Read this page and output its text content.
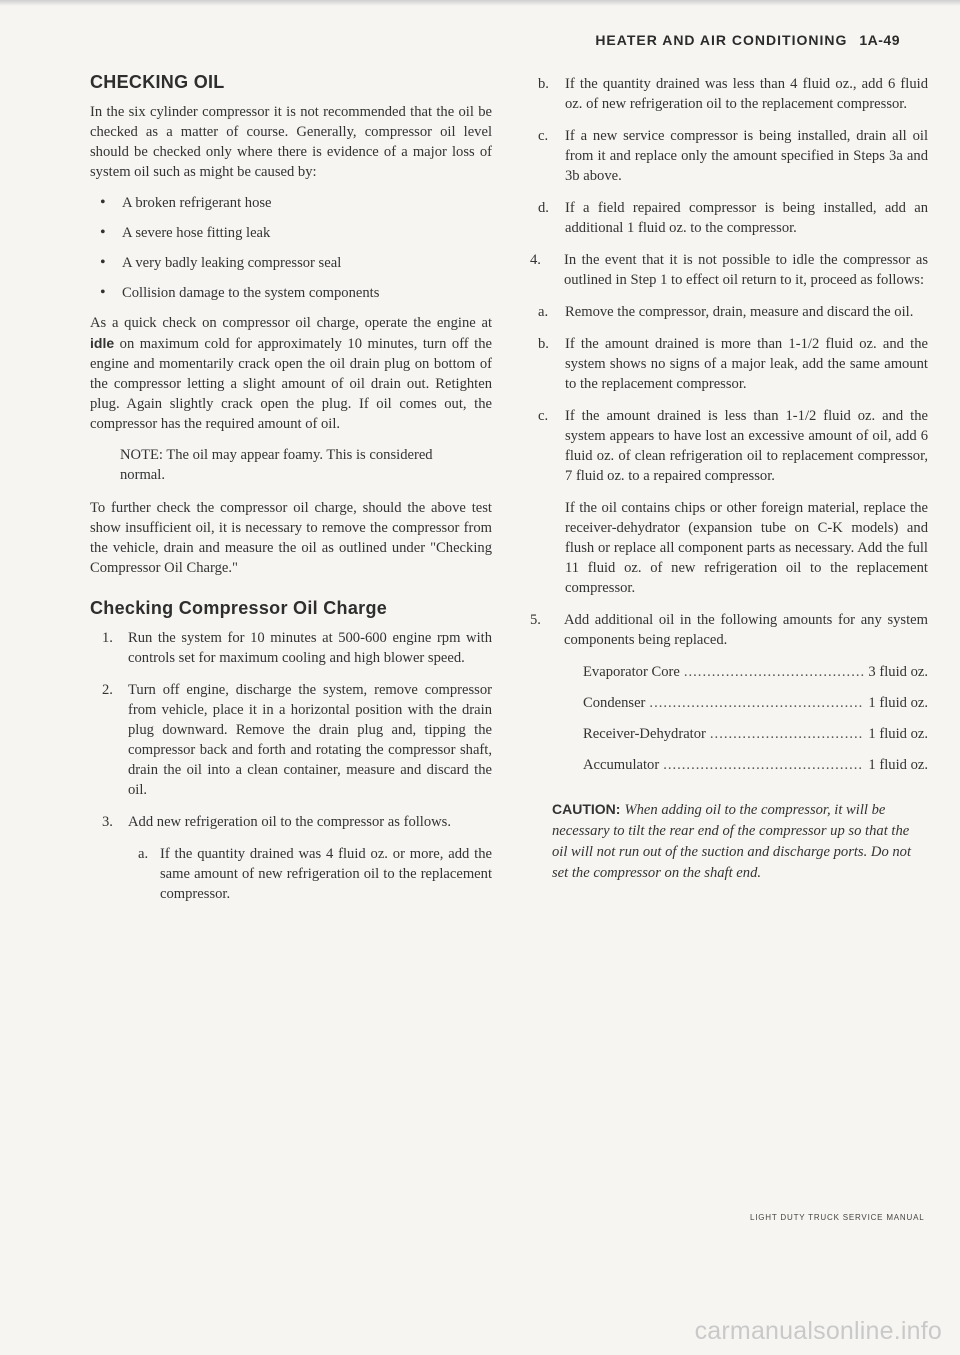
HEATER AND AIR CONDITIONING 1A-49
CHECKING OIL

In the six cylinder compressor it is not recommended that the oil be checked as a matter of course. Generally, compressor oil level should be checked only where there is evidence of a major loss of system oil such as might be caused by:

• A broken refrigerant hose
• A severe hose fitting leak
• A very badly leaking compressor seal
• Collision damage to the system components

As a quick check on compressor oil charge, operate the engine at idle on maximum cold for approximately 10 minutes, turn off the engine and momentarily crack open the oil drain plug on bottom of the compressor letting a slight amount of oil drain out. Retighten plug. Again slightly crack open the plug. If oil comes out, the compressor has the required amount of oil.

NOTE: The oil may appear foamy. This is considered normal.

To further check the compressor oil charge, should the above test show insufficient oil, it is necessary to remove the compressor from the vehicle, drain and measure the oil as outlined under "Checking Compressor Oil Charge."

Checking Compressor Oil Charge
1. Run the system for 10 minutes at 500-600 engine rpm with controls set for maximum cooling and high blower speed.
2. Turn off engine, discharge the system, remove compressor from vehicle, place it in a horizontal position with the drain plug downward. Remove the drain plug and, tipping the compressor back and forth and rotating the compressor shaft, drain the oil into a clean container, measure and discard the oil.
3. Add new refrigeration oil to the compressor as follows.
a. If the quantity drained was 4 fluid oz. or more, add the same amount of new refrigeration oil to the replacement compressor.
b. If the quantity drained was less than 4 fluid oz., add 6 fluid oz. of new refrigeration oil to the replacement compressor.
c. If a new service compressor is being installed, drain all oil from it and replace only the amount specified in Steps 3a and 3b above.
d. If a field repaired compressor is being installed, add an additional 1 fluid oz. to the compressor.
4. In the event that it is not possible to idle the compressor as outlined in Step 1 to effect oil return to it, proceed as follows:
a. Remove the compressor, drain, measure and discard the oil.
b. If the amount drained is more than 1-1/2 fluid oz. and the system shows no signs of a major leak, add the same amount to the replacement compressor.
c. If the amount drained is less than 1-1/2 fluid oz. and the system appears to have lost an excessive amount of oil, add 6 fluid oz. of clean refrigeration oil to replacement compressor, 7 fluid oz. to a repaired compressor.

If the oil contains chips or other foreign material, replace the receiver-dehydrator (expansion tube on C-K models) and flush or replace all component parts as necessary. Add the full 11 fluid oz. of new refrigeration oil to the replacement compressor.

5. Add additional oil in the following amounts for any system components being replaced.
Evaporator Core .....	3 fluid oz.
Condenser .....	1 fluid oz.
Receiver-Dehydrator .....	1 fluid oz.
Accumulator .....	1 fluid oz.
CAUTION: When adding oil to the compressor, it will be necessary to tilt the rear end of the compressor up so that the oil will not run out of the suction and discharge ports. Do not set the compressor on the shaft end.
LIGHT DUTY TRUCK SERVICE MANUAL
carmanualsonline.info
